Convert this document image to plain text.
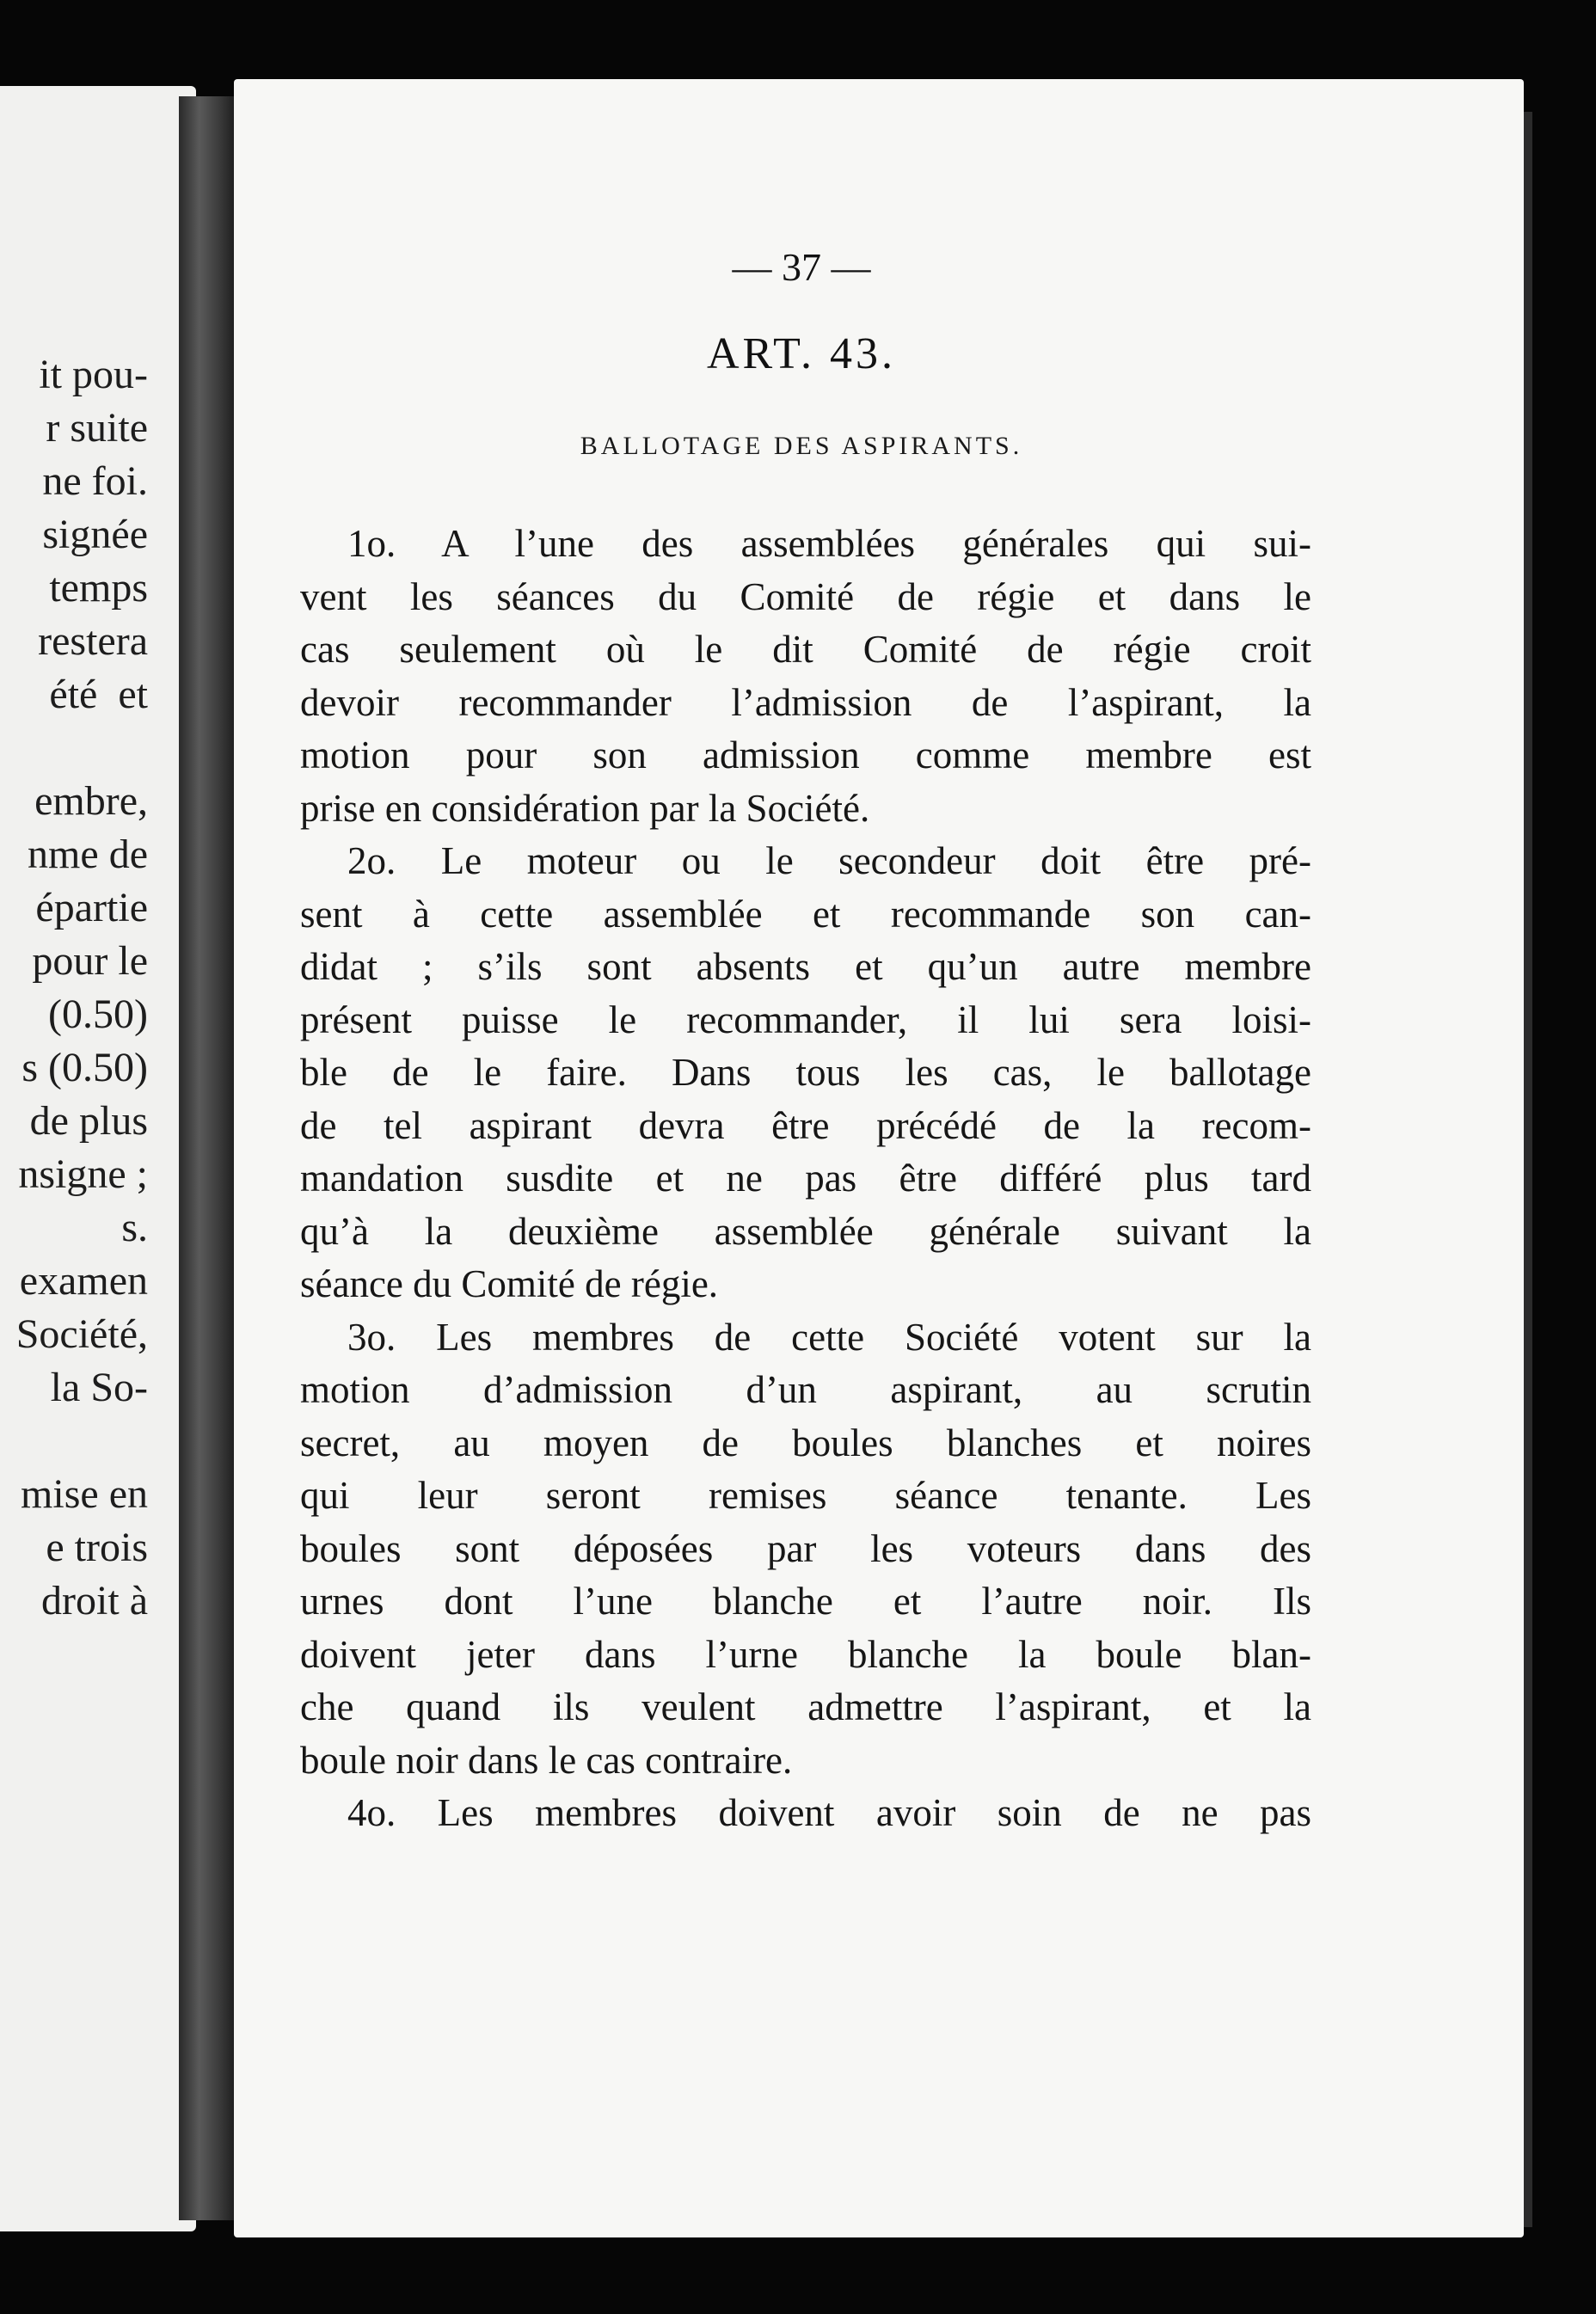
it pou-
r suite
ne foi.
signée
temps
restera
été  et
embre,
nme de
épartie
pour le
(0.50)
s (0.50)
de plus
nsigne ;
s.
examen
Société,
la So-
mise en
e trois
droit à
— 37 —
ART. 43.
BALLOTAGE DES ASPIRANTS.
1o. A l’une des assemblées générales qui sui-
vent les séances du Comité de régie et dans le
cas seulement où le dit Comité de régie croit
devoir recommander l’admission de l’aspirant, la
motion pour son admission comme membre est
prise en considération par la Société.
2o. Le moteur ou le secondeur doit être pré-
sent à cette assemblée et recommande son can-
didat ; s’ils sont absents et qu’un autre membre
présent puisse le recommander, il lui sera loisi-
ble de le faire. Dans tous les cas, le ballotage
de tel aspirant devra être précédé de la recom-
mandation susdite et ne pas être différé plus tard
qu’à la deuxième assemblée générale suivant la
séance du Comité de régie.
3o. Les membres de cette Société votent sur la
motion d’admission d’un aspirant, au scrutin
secret, au moyen de boules blanches et noires
qui leur seront remises séance tenante. Les
boules sont déposées par les voteurs dans des
urnes dont l’une blanche et l’autre noir. Ils
doivent jeter dans l’urne blanche la boule blan-
che quand ils veulent admettre l’aspirant, et la
boule noir dans le cas contraire.
4o. Les membres doivent avoir soin de ne pas
